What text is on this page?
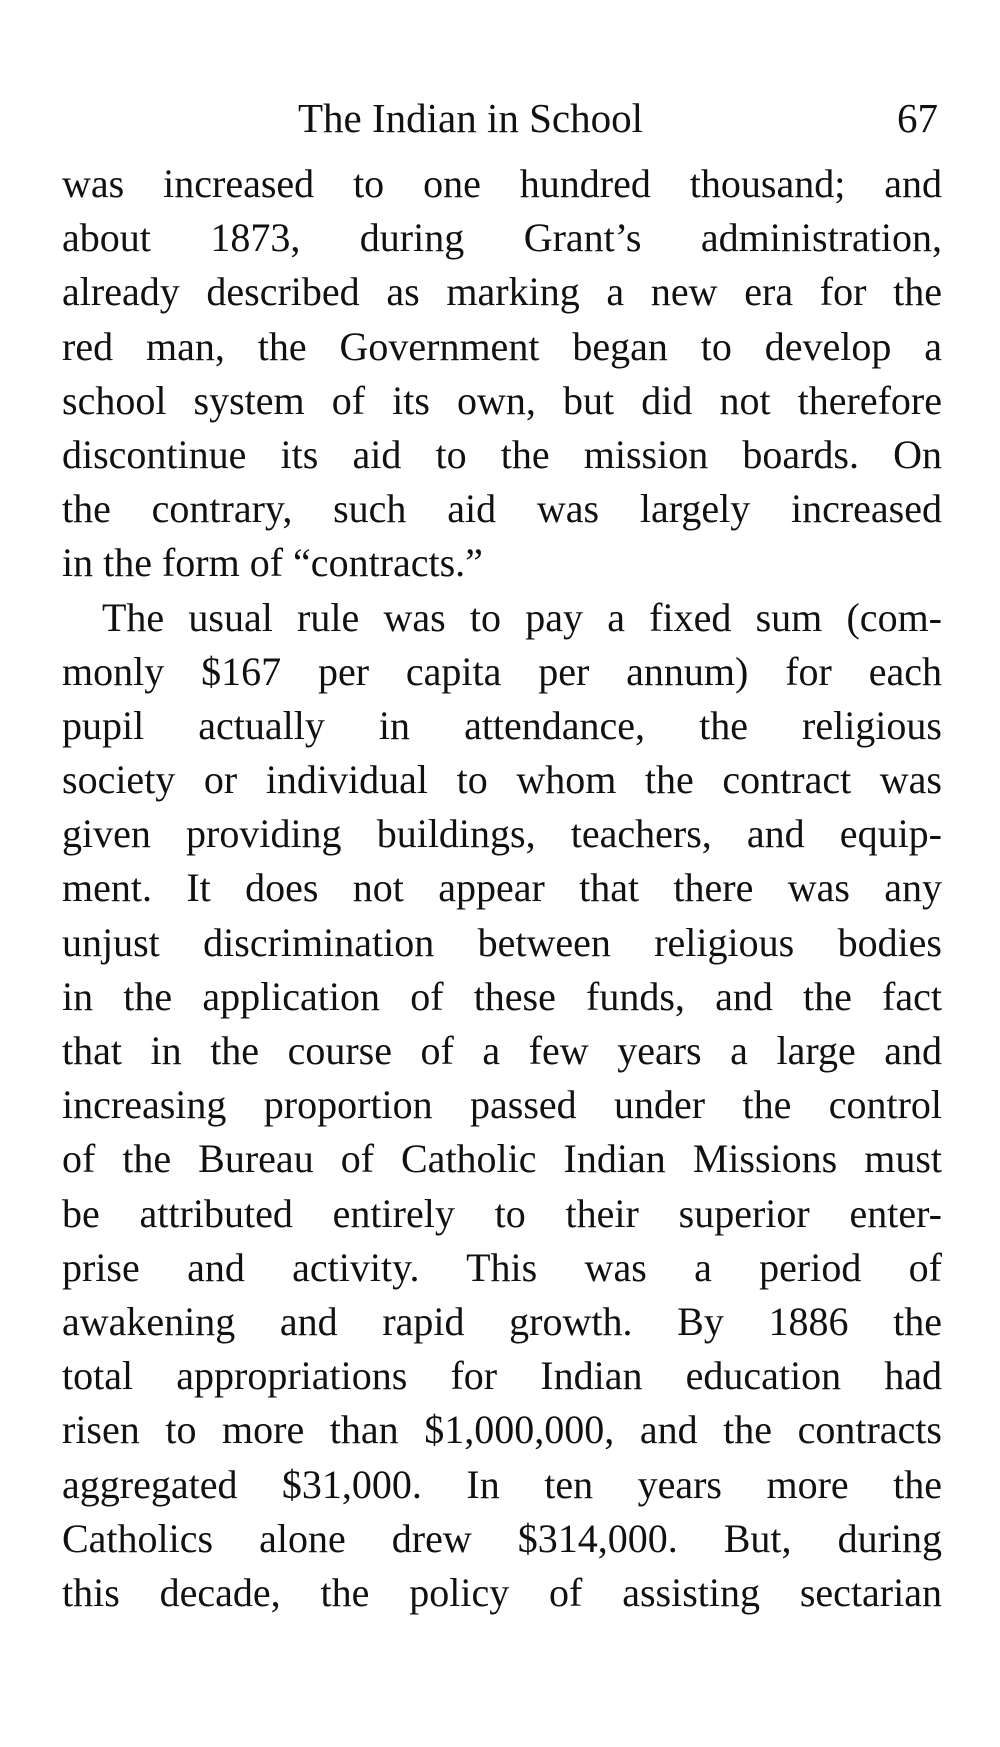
The Indian in School	67
was increased to one hundred thousand; and
about 1873, during Grant’s administration,
already described as marking a new era for the
red man, the Government began to develop a
school system of its own, but did not therefore
discontinue its aid to the mission boards. On
the contrary, such aid was largely increased
in the form of “contracts.”
The usual rule was to pay a fixed sum (com-
monly $167 per capita per annum) for each
pupil actually in attendance, the religious
society or individual to whom the contract was
given providing buildings, teachers, and equip-
ment. It does not appear that there was any
unjust discrimination between religious bodies
in the application of these funds, and the fact
that in the course of a few years a large and
increasing proportion passed under the control
of the Bureau of Catholic Indian Missions must
be attributed entirely to their superior enter-
prise and activity. This was a period of
awakening and rapid growth. By 1886 the
total appropriations for Indian education had
risen to more than $1,000,000, and the contracts
aggregated $31,000. In ten years more the
Catholics alone drew $314,000. But, during
this decade, the policy of assisting sectarian
